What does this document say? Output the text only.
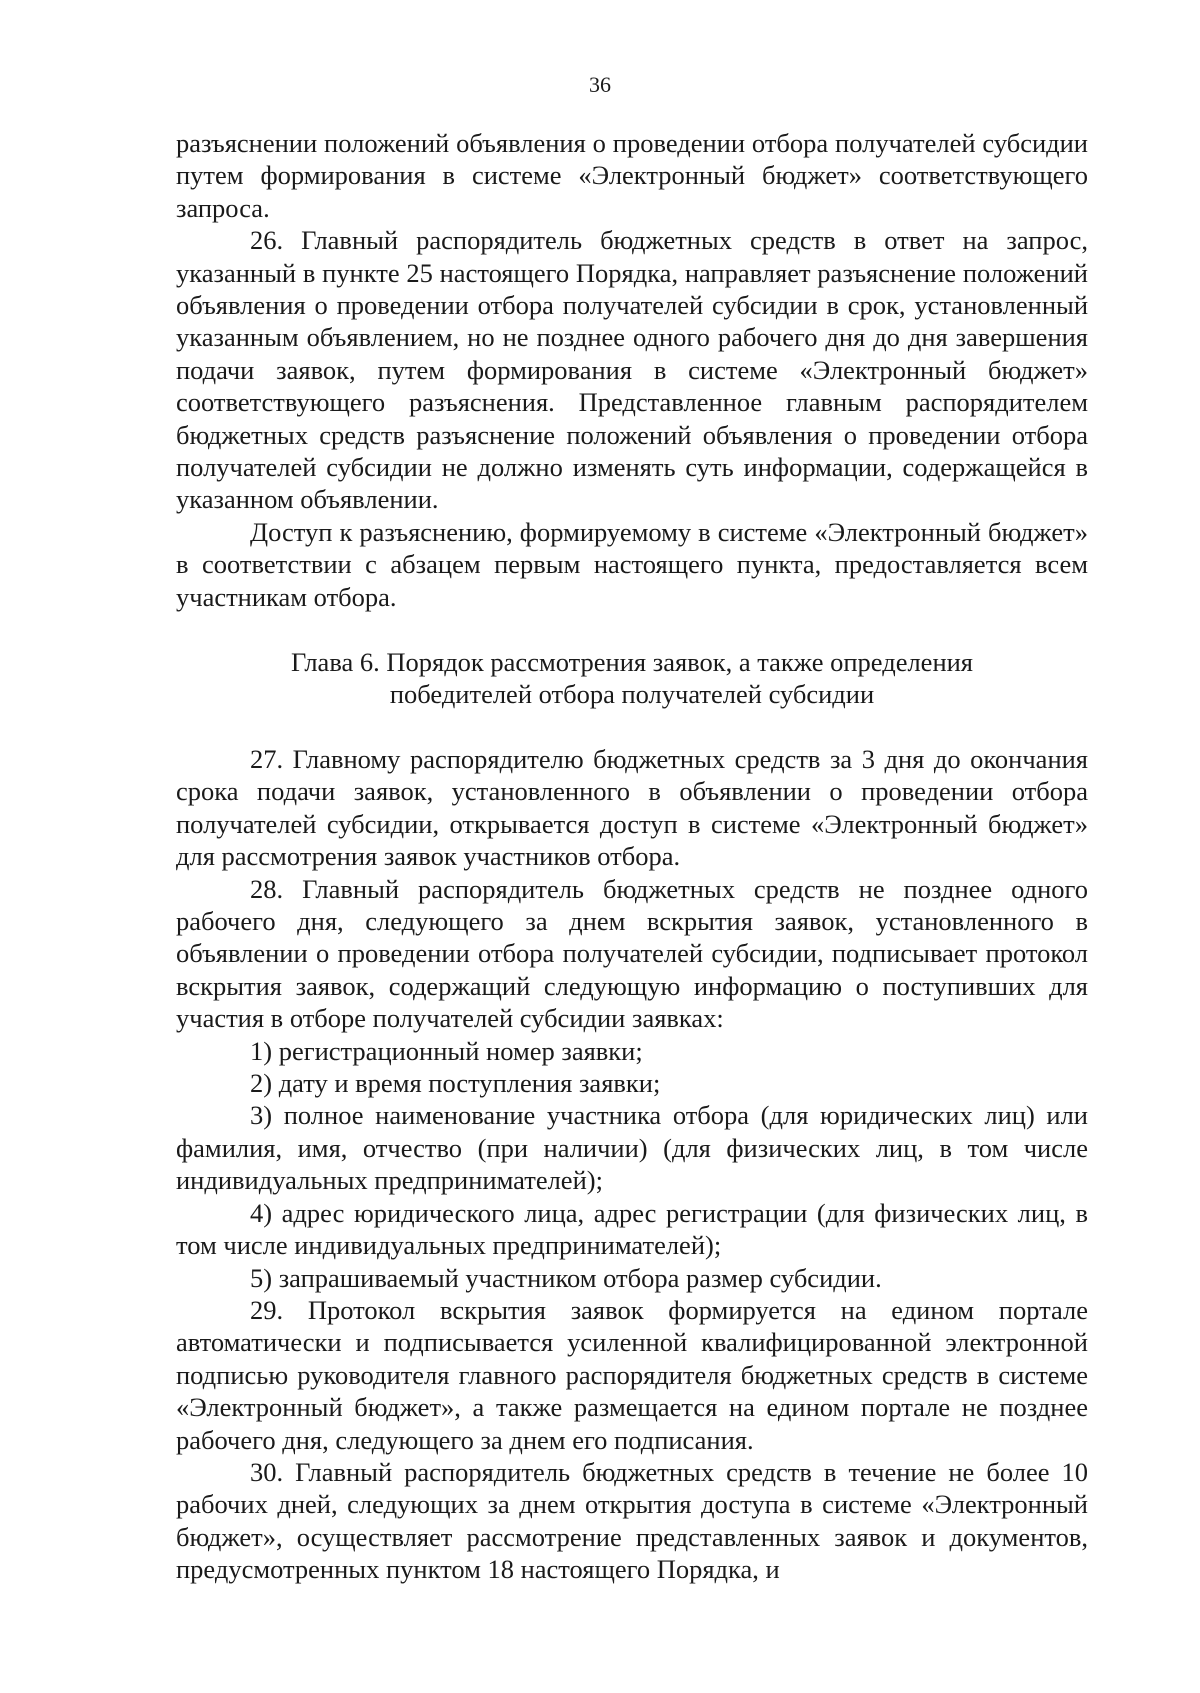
36

разъяснении положений объявления о проведении отбора получателей субсидии путем формирования в системе «Электронный бюджет» соответствующего запроса.

26. Главный распорядитель бюджетных средств в ответ на запрос, указанный в пункте 25 настоящего Порядка, направляет разъяснение положений объявления о проведении отбора получателей субсидии в срок, установленный указанным объявлением, но не позднее одного рабочего дня до дня завершения подачи заявок, путем формирования в системе «Электронный бюджет» соответствующего разъяснения. Представленное главным распорядителем бюджетных средств разъяснение положений объявления о проведении отбора получателей субсидии не должно изменять суть информации, содержащейся в указанном объявлении.

Доступ к разъяснению, формируемому в системе «Электронный бюджет» в соответствии с абзацем первым настоящего пункта, предоставляется всем участникам отбора.

Глава 6. Порядок рассмотрения заявок, а также определения
победителей отбора получателей субсидии

27. Главному распорядителю бюджетных средств за 3 дня до окончания срока подачи заявок, установленного в объявлении о проведении отбора получателей субсидии, открывается доступ в системе «Электронный бюджет» для рассмотрения заявок участников отбора.

28. Главный распорядитель бюджетных средств не позднее одного рабочего дня, следующего за днем вскрытия заявок, установленного в объявлении о проведении отбора получателей субсидии, подписывает протокол вскрытия заявок, содержащий следующую информацию о поступивших для участия в отборе получателей субсидии заявках:

1) регистрационный номер заявки;

2) дату и время поступления заявки;

3) полное наименование участника отбора (для юридических лиц) или фамилия, имя, отчество (при наличии) (для физических лиц, в том числе индивидуальных предпринимателей);

4) адрес юридического лица, адрес регистрации (для физических лиц, в том числе индивидуальных предпринимателей);

5) запрашиваемый участником отбора размер субсидии.

29. Протокол вскрытия заявок формируется на едином портале автоматически и подписывается усиленной квалифицированной электронной подписью руководителя главного распорядителя бюджетных средств в системе «Электронный бюджет», а также размещается на едином портале не позднее рабочего дня, следующего за днем его подписания.

30. Главный распорядитель бюджетных средств в течение не более 10 рабочих дней, следующих за днем открытия доступа в системе «Электронный бюджет», осуществляет рассмотрение представленных заявок и документов, предусмотренных пунктом 18 настоящего Порядка, и
